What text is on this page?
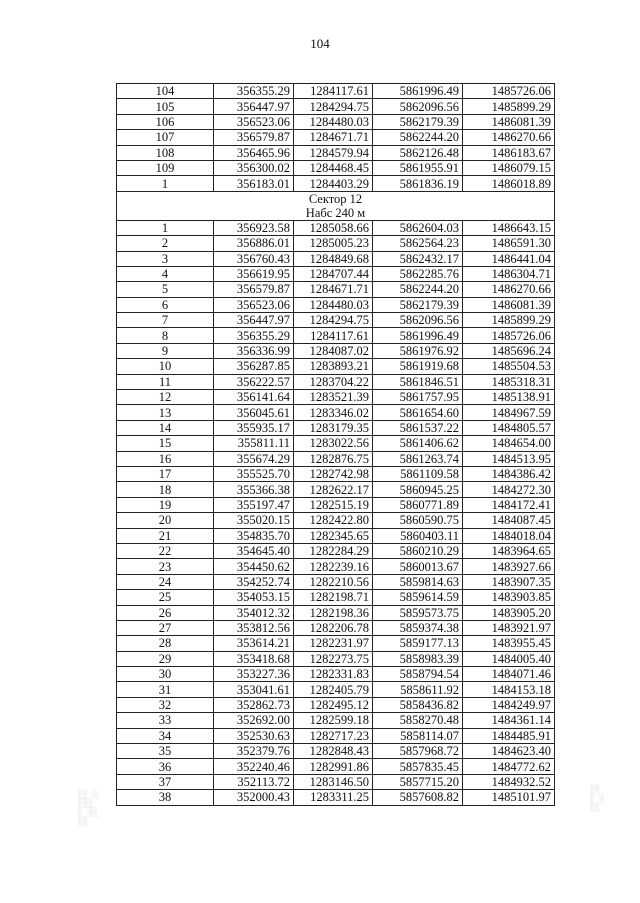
104
104	356355.29	1284117.61	5861996.49	1485726.06
105	356447.97	1284294.75	5862096.56	1485899.29
106	356523.06	1284480.03	5862179.39	1486081.39
107	356579.87	1284671.71	5862244.20	1486270.66
108	356465.96	1284579.94	5862126.48	1486183.67
109	356300.02	1284468.45	5861955.91	1486079.15
1	356183.01	1284403.29	5861836.19	1486018.89

Сектор 12
Набс 240 м				

1	356923.58	1285058.66	5862604.03	1486643.15
2	356886.01	1285005.23	5862564.23	1486591.30
3	356760.43	1284849.68	5862432.17	1486441.04
4	356619.95	1284707.44	5862285.76	1486304.71
5	356579.87	1284671.71	5862244.20	1486270.66
6	356523.06	1284480.03	5862179.39	1486081.39
7	356447.97	1284294.75	5862096.56	1485899.29
8	356355.29	1284117.61	5861996.49	1485726.06
9	356336.99	1284087.02	5861976.92	1485696.24
10	356287.85	1283893.21	5861919.68	1485504.53
11	356222.57	1283704.22	5861846.51	1485318.31
12	356141.64	1283521.39	5861757.95	1485138.91
13	356045.61	1283346.02	5861654.60	1484967.59
14	355935.17	1283179.35	5861537.22	1484805.57
15	355811.11	1283022.56	5861406.62	1484654.00
16	355674.29	1282876.75	5861263.74	1484513.95
17	355525.70	1282742.98	5861109.58	1484386.42
18	355366.38	1282622.17	5860945.25	1484272.30
19	355197.47	1282515.19	5860771.89	1484172.41
20	355020.15	1282422.80	5860590.75	1484087.45
21	354835.70	1282345.65	5860403.11	1484018.04
22	354645.40	1282284.29	5860210.29	1483964.65
23	354450.62	1282239.16	5860013.67	1483927.66
24	354252.74	1282210.56	5859814.63	1483907.35
25	354053.15	1282198.71	5859614.59	1483903.85
26	354012.32	1282198.36	5859573.75	1483905.20
27	353812.56	1282206.78	5859374.38	1483921.97
28	353614.21	1282231.97	5859177.13	1483955.45
29	353418.68	1282273.75	5858983.39	1484005.40
30	353227.36	1282331.83	5858794.54	1484071.46
31	353041.61	1282405.79	5858611.92	1484153.18
32	352862.73	1282495.12	5858436.82	1484249.97
33	352692.00	1282599.18	5858270.48	1484361.14
34	352530.63	1282717.23	5858114.07	1484485.91
35	352379.76	1282848.43	5857968.72	1484623.40
36	352240.46	1282991.86	5857835.45	1484772.62
37	352113.72	1283146.50	5857715.20	1484932.52
38	352000.43	1283311.25	5857608.82	1485101.97
░░ ░
░░░
░ ░░
░░
░░
░ ░
░░
